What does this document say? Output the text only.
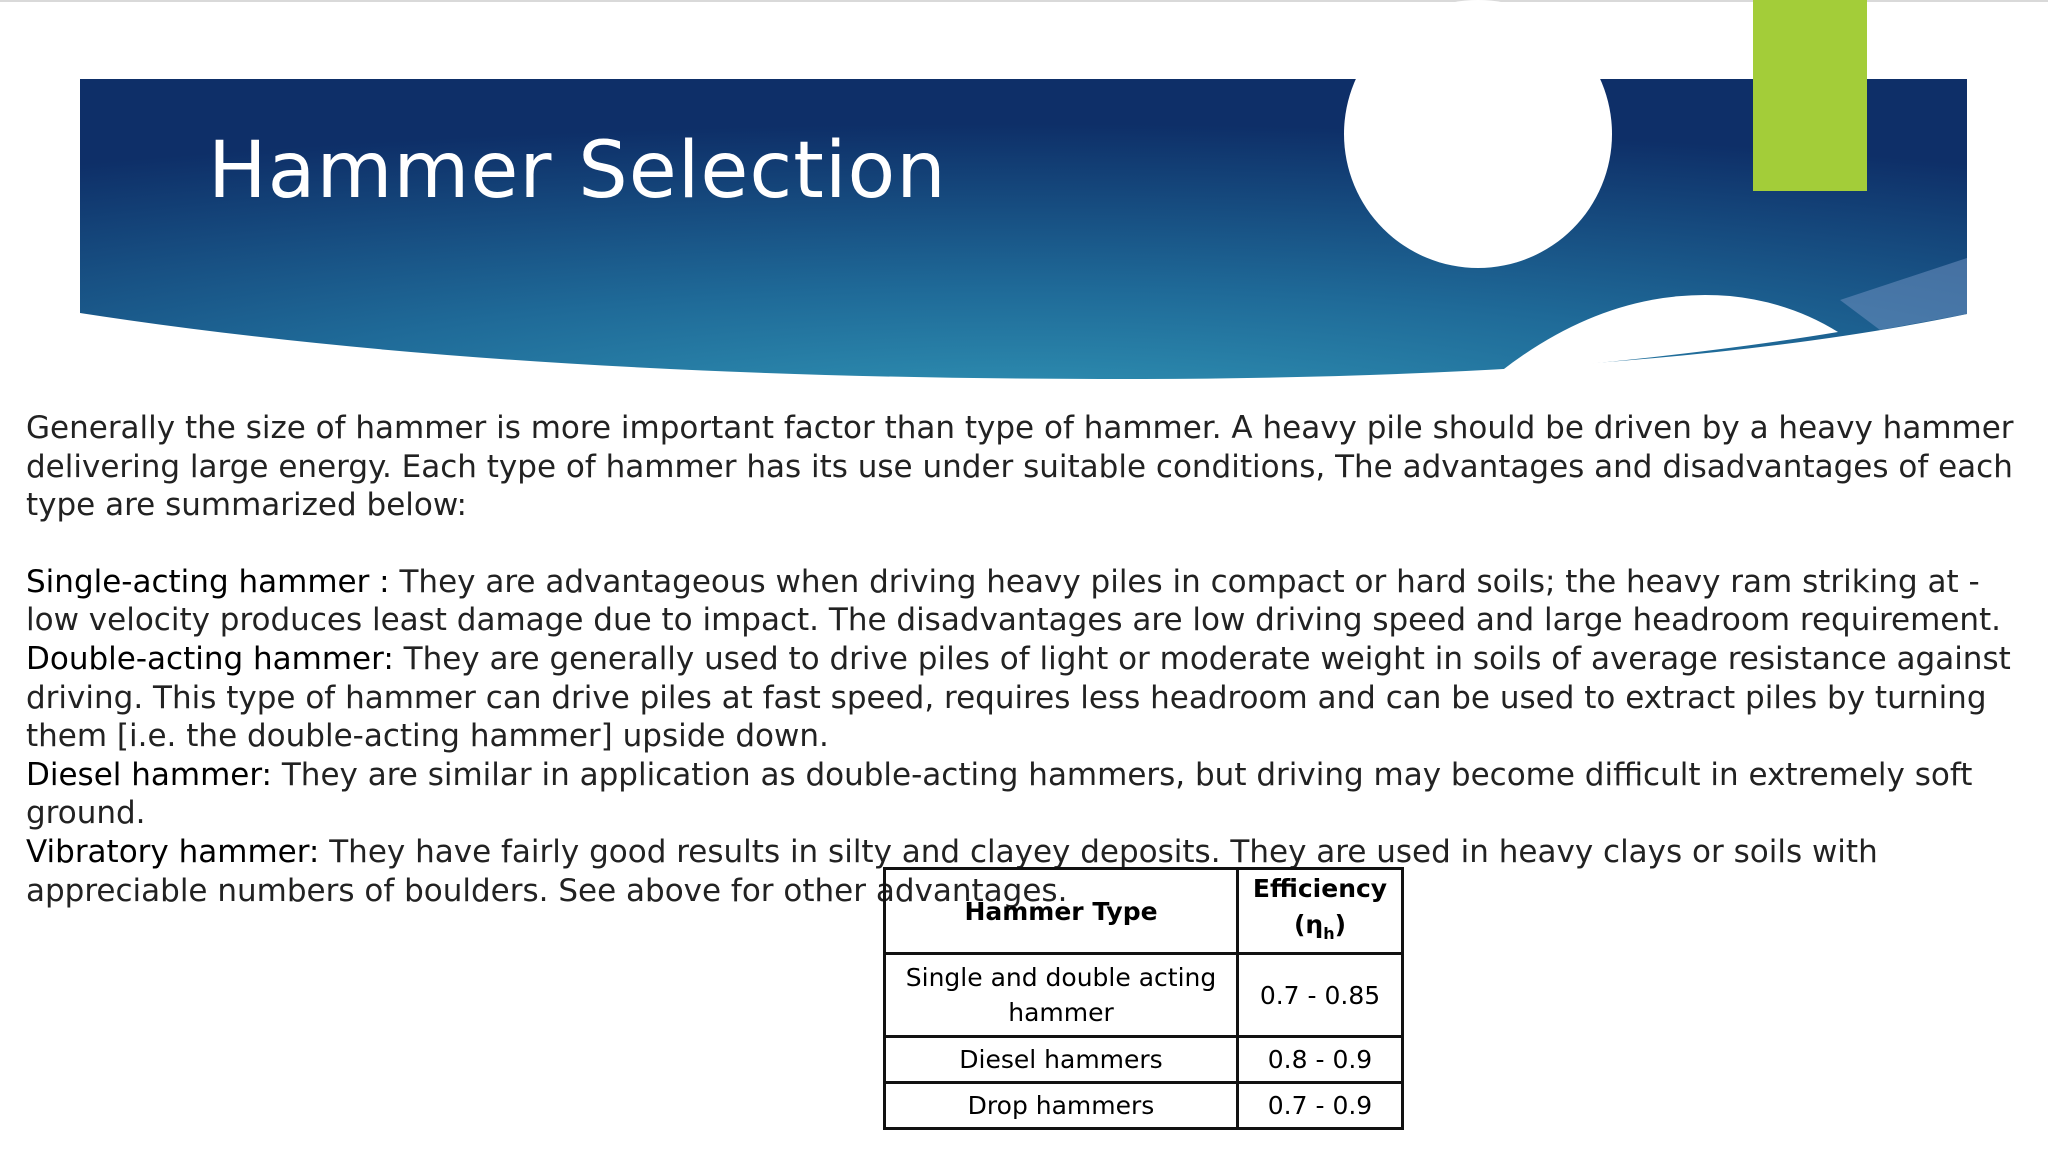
Hammer Selection

Generally the size of hammer is more important factor than type of hammer. A heavy pile should be driven by a heavy hammer delivering large energy. Each type of hammer has its use under suitable conditions, The advantages and disadvantages of each type are summarized below:

Single-acting hammer : They are advantageous when driving heavy piles in compact or hard soils; the heavy ram striking at - low velocity produces least damage due to impact. The disadvantages are low driving speed and large headroom requirement.

Double-acting hammer: They are generally used to drive piles of light or moderate weight in soils of average resistance against driving. This type of hammer can drive piles at fast speed, requires less headroom and can be used to extract piles by turning them [i.e. the double-acting hammer] upside down.

Diesel hammer: They are similar in application as double-acting hammers, but driving may become difficult in extremely soft ground.

Vibratory hammer: They have fairly good results in silty and clayey deposits. They are used in heavy clays or soils with appreciable numbers of boulders. See above for other advantages.

Hammer Type	Efficiency
$(\eta_h)$
Single and double acting hammer	0.7 - 0.85
Diesel hammers	0.8 - 0.9
Drop hammers	0.7 - 0.9
